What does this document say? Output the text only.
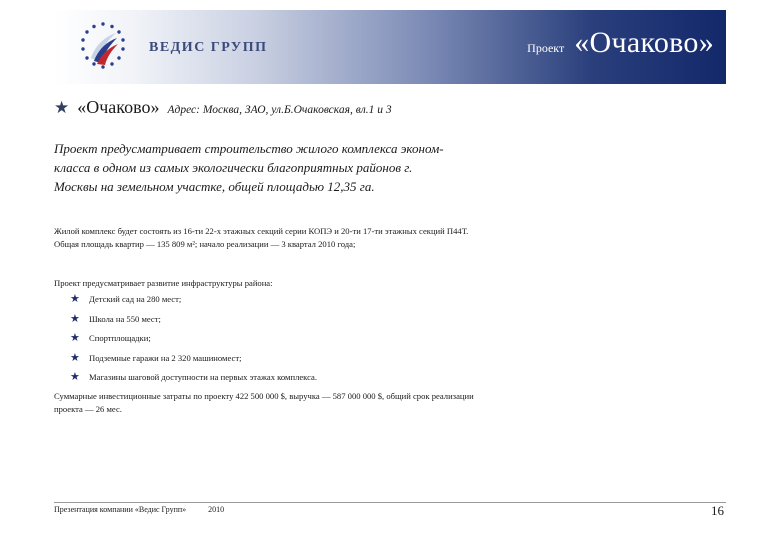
ВЕДИС ГРУПП	Проект «Очаково»
★ «Очаково» Адрес: Москва, ЗАО, ул.Б.Очаковская, вл.1 и 3
Проект предусматривает строительство жилого комплекса эконом-класса в одном из самых экологически благоприятных районов г. Москвы на земельном участке, общей площадью 12,35 га.
Жилой комплекс будет состоять из 16-ти 22-х этажных секций серии КОПЭ и 20-ти 17-ти этажных секций П44Т. Общая площадь квартир — 135 809 м²; начало реализации — 3 квартал 2010 года;
Проект предусматривает развитие инфраструктуры района:
★	Детский сад на 280 мест;
★	Школа на 550 мест;
★	Спортплощадки;
★	Подземные гаражи на 2 320 машиномест;
★	Магазины шаговой доступности на первых этажах комплекса.
Суммарные инвестиционные затраты по проекту 422 500 000 $, выручка — 587 000 000 $, общий срок реализации проекта — 26 мес.
Презентация компании «Ведис Групп»	2010	16
